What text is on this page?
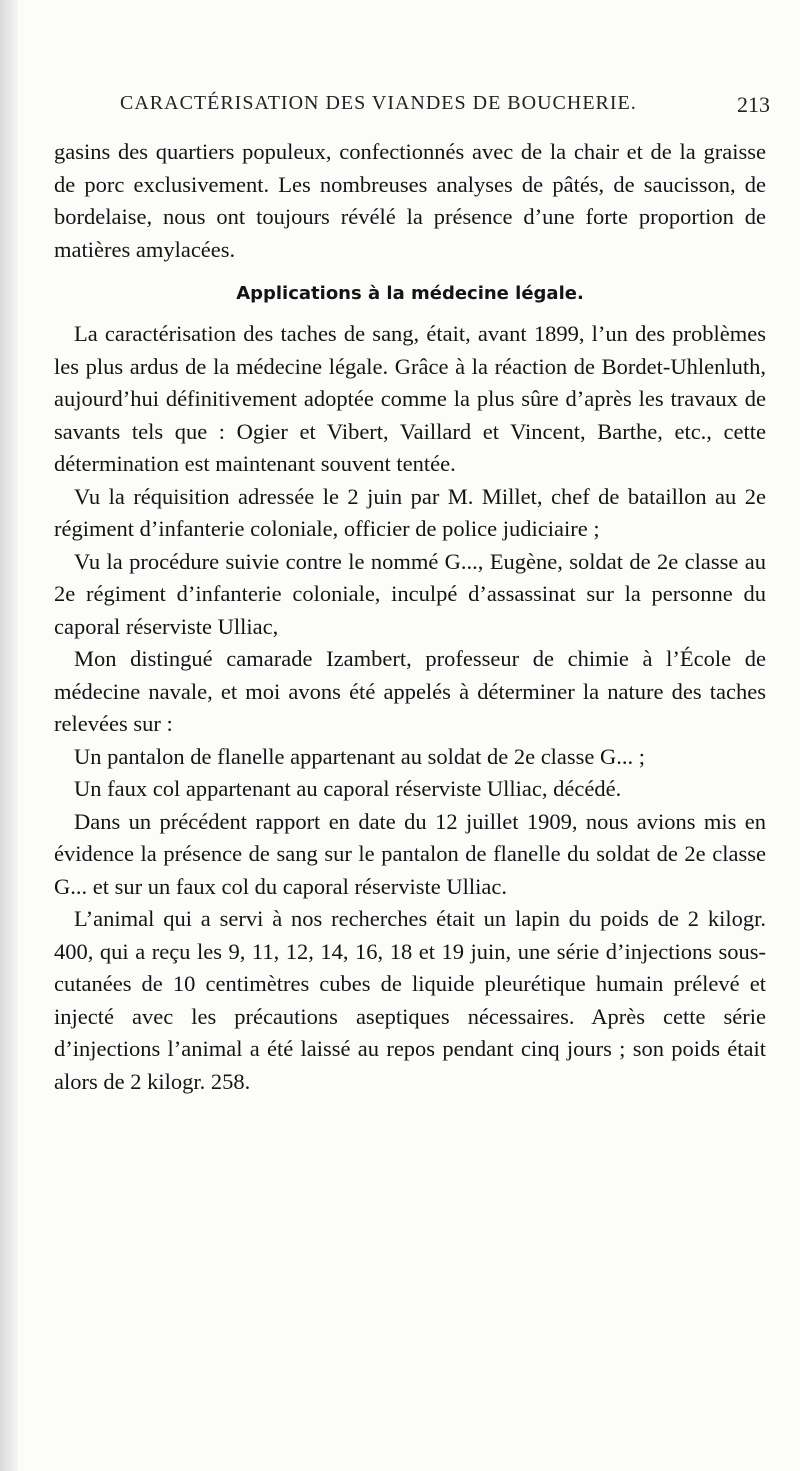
CARACTÉRISATION DES VIANDES DE BOUCHERIE.	213

gasins des quartiers populeux, confectionnés avec de la chair et de la graisse de porc exclusivement. Les nombreuses analyses de pâtés, de saucisson, de bordelaise, nous ont toujours révélé la présence d’une forte proportion de matières amylacées.

Applications à la médecine légale.

La caractérisation des taches de sang, était, avant 1899, l’un des problèmes les plus ardus de la médecine légale. Grâce à la réaction de Bordet-Uhlenluth, aujourd’hui définitivement adoptée comme la plus sûre d’après les travaux de savants tels que : Ogier et Vibert, Vaillard et Vincent, Barthe, etc., cette détermination est maintenant souvent tentée.

Vu la réquisition adressée le 2 juin par M. Millet, chef de bataillon au 2e régiment d’infanterie coloniale, officier de police judiciaire ;

Vu la procédure suivie contre le nommé G..., Eugène, soldat de 2e classe au 2e régiment d’infanterie coloniale, inculpé d’assassinat sur la personne du caporal réserviste Ulliac,

Mon distingué camarade Izambert, professeur de chimie à l’École de médecine navale, et moi avons été appelés à déterminer la nature des taches relevées sur :

Un pantalon de flanelle appartenant au soldat de 2e classe G... ;

Un faux col appartenant au caporal réserviste Ulliac, décédé.

Dans un précédent rapport en date du 12 juillet 1909, nous avions mis en évidence la présence de sang sur le pantalon de flanelle du soldat de 2e classe G... et sur un faux col du caporal réserviste Ulliac.

L’animal qui a servi à nos recherches était un lapin du poids de 2 kilogr. 400, qui a reçu les 9, 11, 12, 14, 16, 18 et 19 juin, une série d’injections sous-cutanées de 10 centimètres cubes de liquide pleurétique humain prélevé et injecté avec les précautions aseptiques nécessaires. Après cette série d’injections l’animal a été laissé au repos pendant cinq jours ; son poids était alors de 2 kilogr. 258.
